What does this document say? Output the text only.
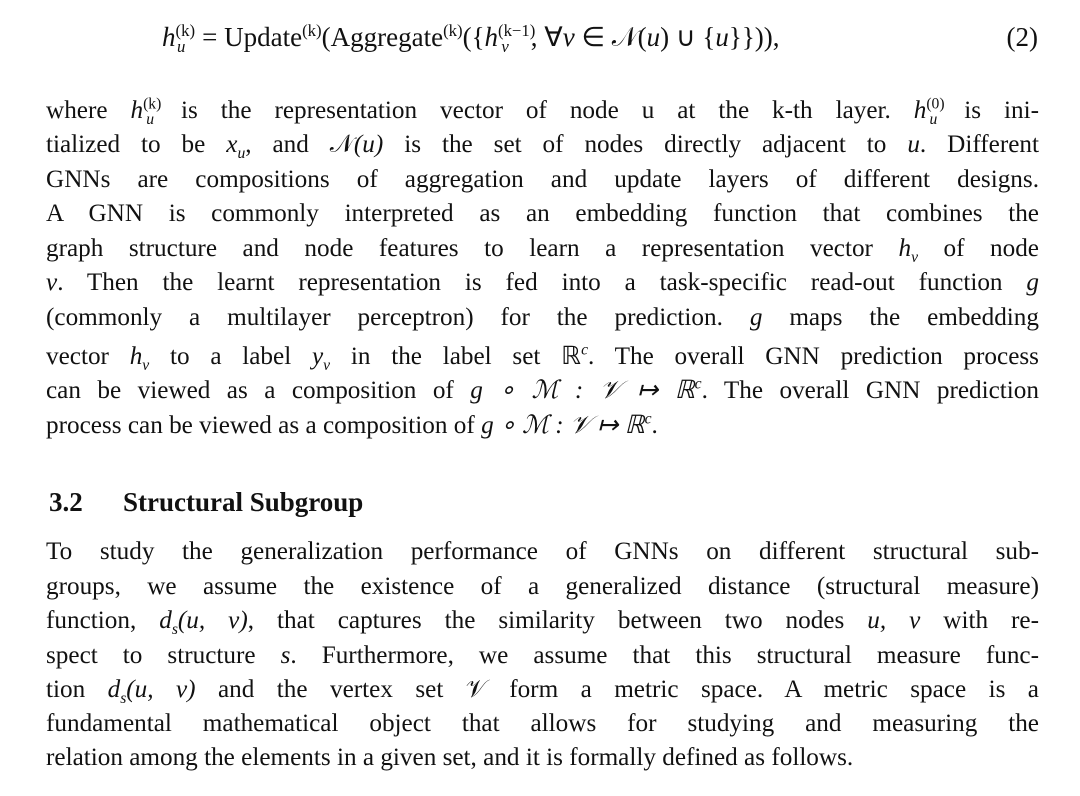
$h^{(k)}_u$ = $Update^{(k)}(Aggregate^{(k)}(\{h^{(k-1)}_v$ , ∀v ∈ 𝒩(u) ∪ {u}})),	(2)
where $h^{(k)}_u$ is the representation vector of node u at the k-th layer. $h^{(0)}_u$ is ini-
tialized to be $x_u$, and 𝒩(u) is the set of nodes directly adjacent to u. Different
GNNs are compositions of aggregation and update layers of different designs.
A GNN is commonly interpreted as an embedding function that combines the
graph structure and node features to learn a representation vector $h_v$ of node
v. Then the learnt representation is fed into a task-specific read-out function g
(commonly a multilayer perceptron) for the prediction. g maps the embedding
vector $h_v$ to a label $y_v$ in the label set ℝ$^c$. The overall GNN prediction process
can be viewed as a composition of g ∘ ℳ : 𝒱 ↦ ℝ$^c$. The overall GNN prediction
process can be viewed as a composition of g ∘ ℳ : 𝒱 ↦ ℝ$^c$.
3.2 Structural Subgroup
To study the generalization performance of GNNs on different structural sub-
groups, we assume the existence of a generalized distance (structural measure)
function, $d_s(u$, v), that captures the similarity between two nodes u, v with re-
spect to structure s. Furthermore, we assume that this structural measure func-
tion $d_s(u$, v) and the vertex set 𝒱 form a metric space. A metric space is a
fundamental mathematical object that allows for studying and measuring the
relation among the elements in a given set, and it is formally defined as follows.
